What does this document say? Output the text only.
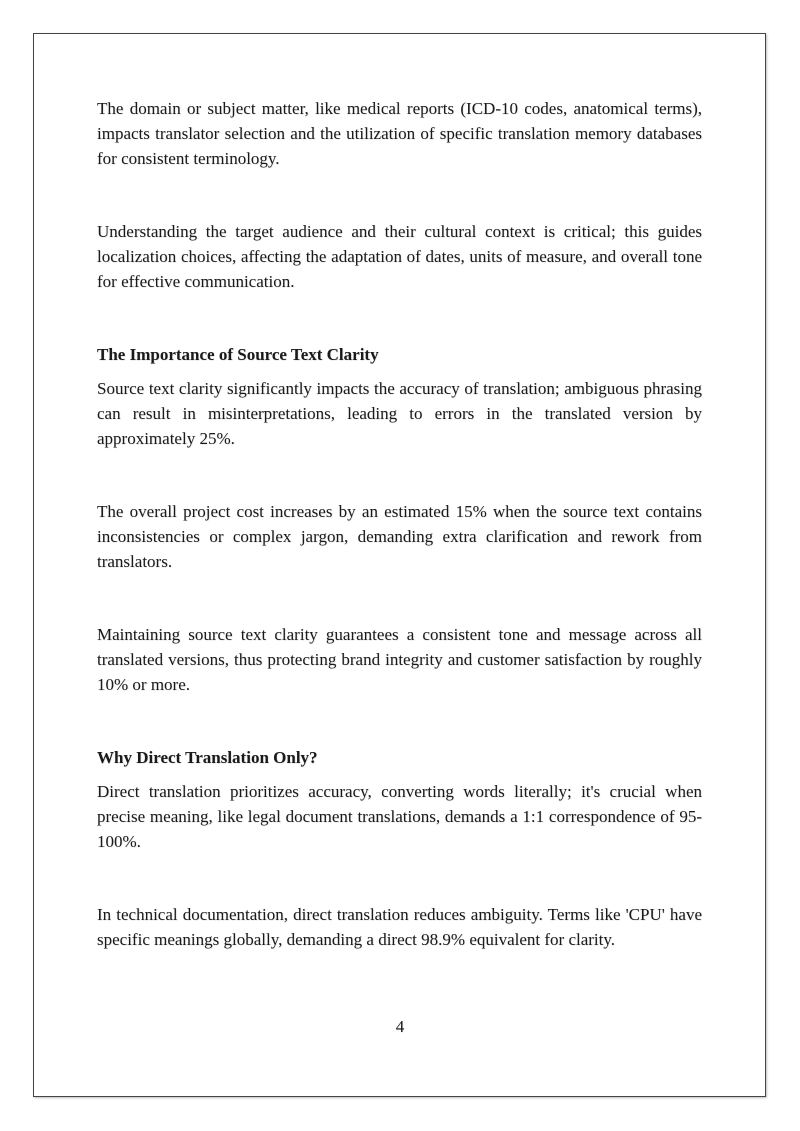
The domain or subject matter, like medical reports (ICD-10 codes, anatomical terms), impacts translator selection and the utilization of specific translation memory databases for consistent terminology.

Understanding the target audience and their cultural context is critical; this guides localization choices, affecting the adaptation of dates, units of measure, and overall tone for effective communication.

The Importance of Source Text Clarity

Source text clarity significantly impacts the accuracy of translation; ambiguous phrasing can result in misinterpretations, leading to errors in the translated version by approximately 25%.

The overall project cost increases by an estimated 15% when the source text contains inconsistencies or complex jargon, demanding extra clarification and rework from translators.

Maintaining source text clarity guarantees a consistent tone and message across all translated versions, thus protecting brand integrity and customer satisfaction by roughly 10% or more.

Why Direct Translation Only?

Direct translation prioritizes accuracy, converting words literally; it's crucial when precise meaning, like legal document translations, demands a 1:1 correspondence of 95-100%.

In technical documentation, direct translation reduces ambiguity. Terms like 'CPU' have specific meanings globally, demanding a direct 98.9% equivalent for clarity.

4
